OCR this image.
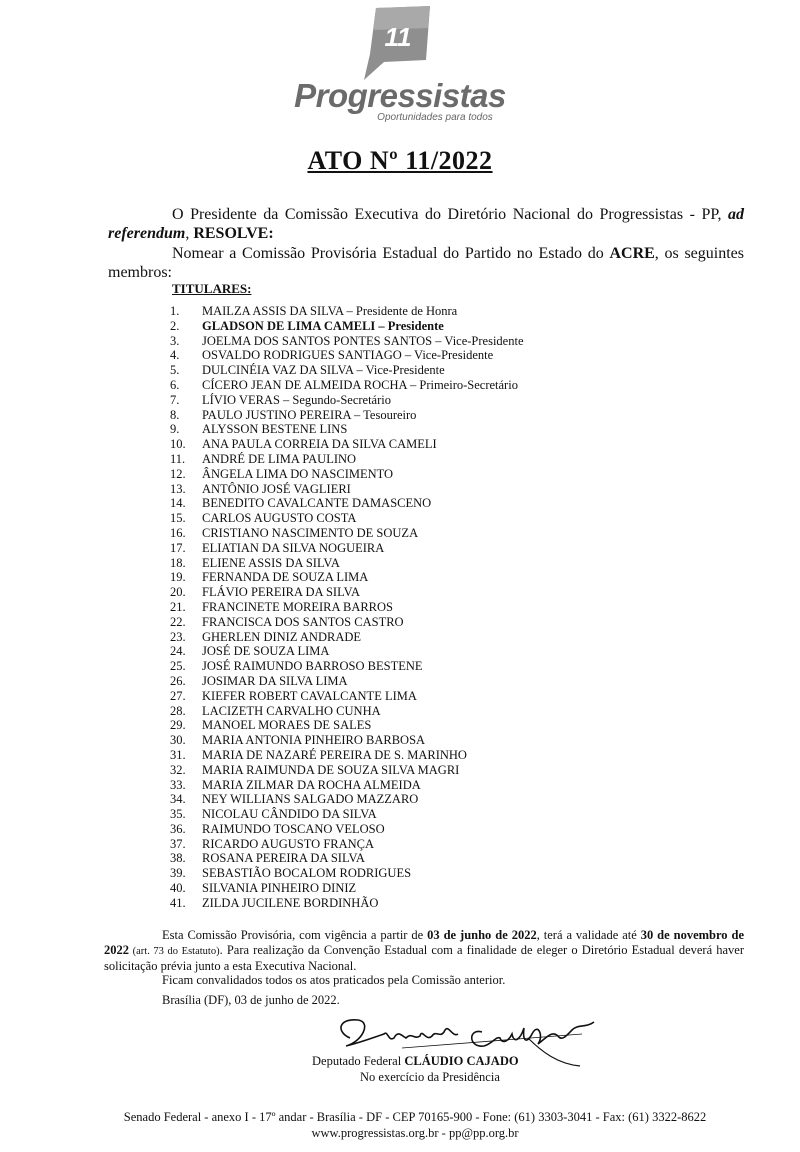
11
Progressistas
Oportunidades para todos
ATO Nº 11/2022
O Presidente da Comissão Executiva do Diretório Nacional do Progressistas - PP, ad referendum, RESOLVE:
Nomear a Comissão Provisória Estadual do Partido no Estado do ACRE, os seguintes membros:
TITULARES:
1. MAILZA ASSIS DA SILVA – Presidente de Honra
2. GLADSON DE LIMA CAMELI – Presidente
3. JOELMA DOS SANTOS PONTES SANTOS – Vice-Presidente
4. OSVALDO RODRIGUES SANTIAGO – Vice-Presidente
5. DULCINÉIA VAZ DA SILVA – Vice-Presidente
6. CÍCERO JEAN DE ALMEIDA ROCHA – Primeiro-Secretário
7. LÍVIO VERAS – Segundo-Secretário
8. PAULO JUSTINO PEREIRA – Tesoureiro
9. ALYSSON BESTENE LINS
10. ANA PAULA CORREIA DA SILVA CAMELI
11. ANDRÉ DE LIMA PAULINO
12. ÂNGELA LIMA DO NASCIMENTO
13. ANTÔNIO JOSÉ VAGLIERI
14. BENEDITO CAVALCANTE DAMASCENO
15. CARLOS AUGUSTO COSTA
16. CRISTIANO NASCIMENTO DE SOUZA
17. ELIATIAN DA SILVA NOGUEIRA
18. ELIENE ASSIS DA SILVA
19. FERNANDA DE SOUZA LIMA
20. FLÁVIO PEREIRA DA SILVA
21. FRANCINETE MOREIRA BARROS
22. FRANCISCA DOS SANTOS CASTRO
23. GHERLEN DINIZ ANDRADE
24. JOSÉ DE SOUZA LIMA
25. JOSÉ RAIMUNDO BARROSO BESTENE
26. JOSIMAR DA SILVA LIMA
27. KIEFER ROBERT CAVALCANTE LIMA
28. LACIZETH CARVALHO CUNHA
29. MANOEL MORAES DE SALES
30. MARIA ANTONIA PINHEIRO BARBOSA
31. MARIA DE NAZARÉ PEREIRA DE S. MARINHO
32. MARIA RAIMUNDA DE SOUZA SILVA MAGRI
33. MARIA ZILMAR DA ROCHA ALMEIDA
34. NEY WILLIANS SALGADO MAZZARO
35. NICOLAU CÂNDIDO DA SILVA
36. RAIMUNDO TOSCANO VELOSO
37. RICARDO AUGUSTO FRANÇA
38. ROSANA PEREIRA DA SILVA
39. SEBASTIÃO BOCALOM RODRIGUES
40. SILVANIA PINHEIRO DINIZ
41. ZILDA JUCILENE BORDINHÃO
Esta Comissão Provisória, com vigência a partir de 03 de junho de 2022, terá a validade até 30 de novembro de 2022 (art. 73 do Estatuto). Para realização da Convenção Estadual com a finalidade de eleger o Diretório Estadual deverá haver solicitação prévia junto a esta Executiva Nacional.
Ficam convalidados todos os atos praticados pela Comissão anterior.
Brasília (DF), 03 de junho de 2022.
Deputado Federal CLÁUDIO CAJADO
No exercício da Presidência
Senado Federal - anexo I - 17º andar - Brasília - DF - CEP 70165-900 - Fone: (61) 3303-3041 - Fax: (61) 3322-8622
www.progressistas.org.br - pp@pp.org.br
